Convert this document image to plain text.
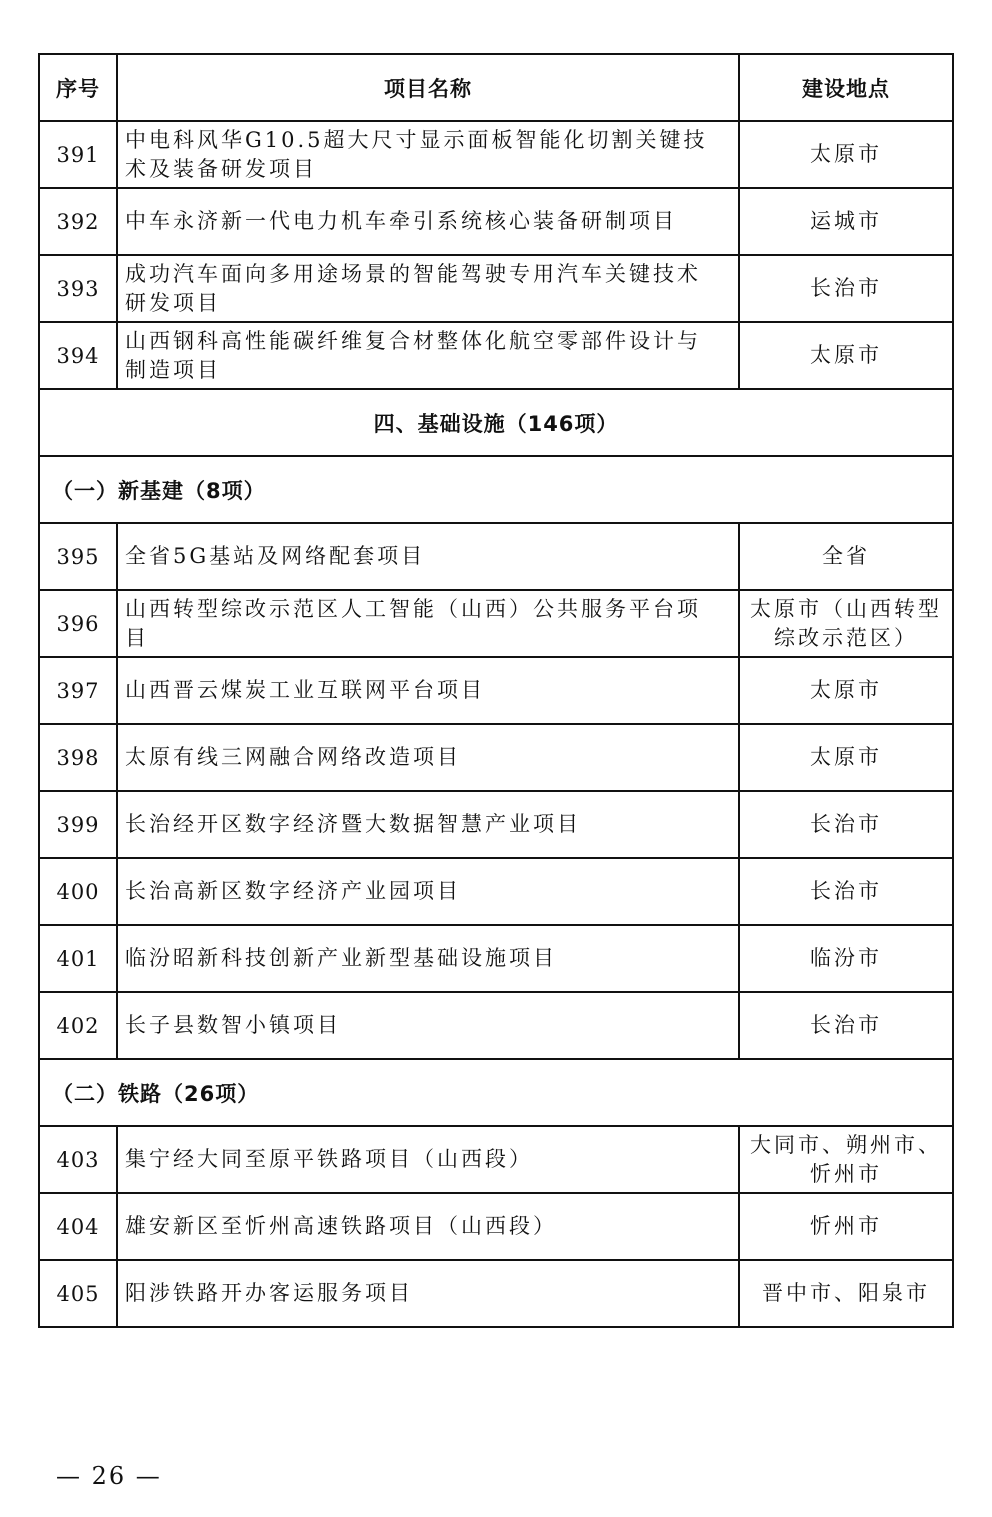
序号	项目名称	建设地点
391	中电科风华G10.5超大尺寸显示面板智能化切割关键技术及装备研发项目	太原市
392	中车永济新一代电力机车牵引系统核心装备研制项目	运城市
393	成功汽车面向多用途场景的智能驾驶专用汽车关键技术研发项目	长治市
394	山西钢科高性能碳纤维复合材整体化航空零部件设计与制造项目	太原市
四、基础设施（146项）		
（一）新基建（8项）		
395	全省5G基站及网络配套项目	全省
396	山西转型综改示范区人工智能（山西）公共服务平台项目	太原市（山西转型综改示范区）
397	山西晋云煤炭工业互联网平台项目	太原市
398	太原有线三网融合网络改造项目	太原市
399	长治经开区数字经济暨大数据智慧产业项目	长治市
400	长治高新区数字经济产业园项目	长治市
401	临汾昭新科技创新产业新型基础设施项目	临汾市
402	长子县数智小镇项目	长治市
（二）铁路（26项）		
403	集宁经大同至原平铁路项目（山西段）	大同市、朔州市、忻州市
404	雄安新区至忻州高速铁路项目（山西段）	忻州市
405	阳涉铁路开办客运服务项目	晋中市、阳泉市
— 26 —
